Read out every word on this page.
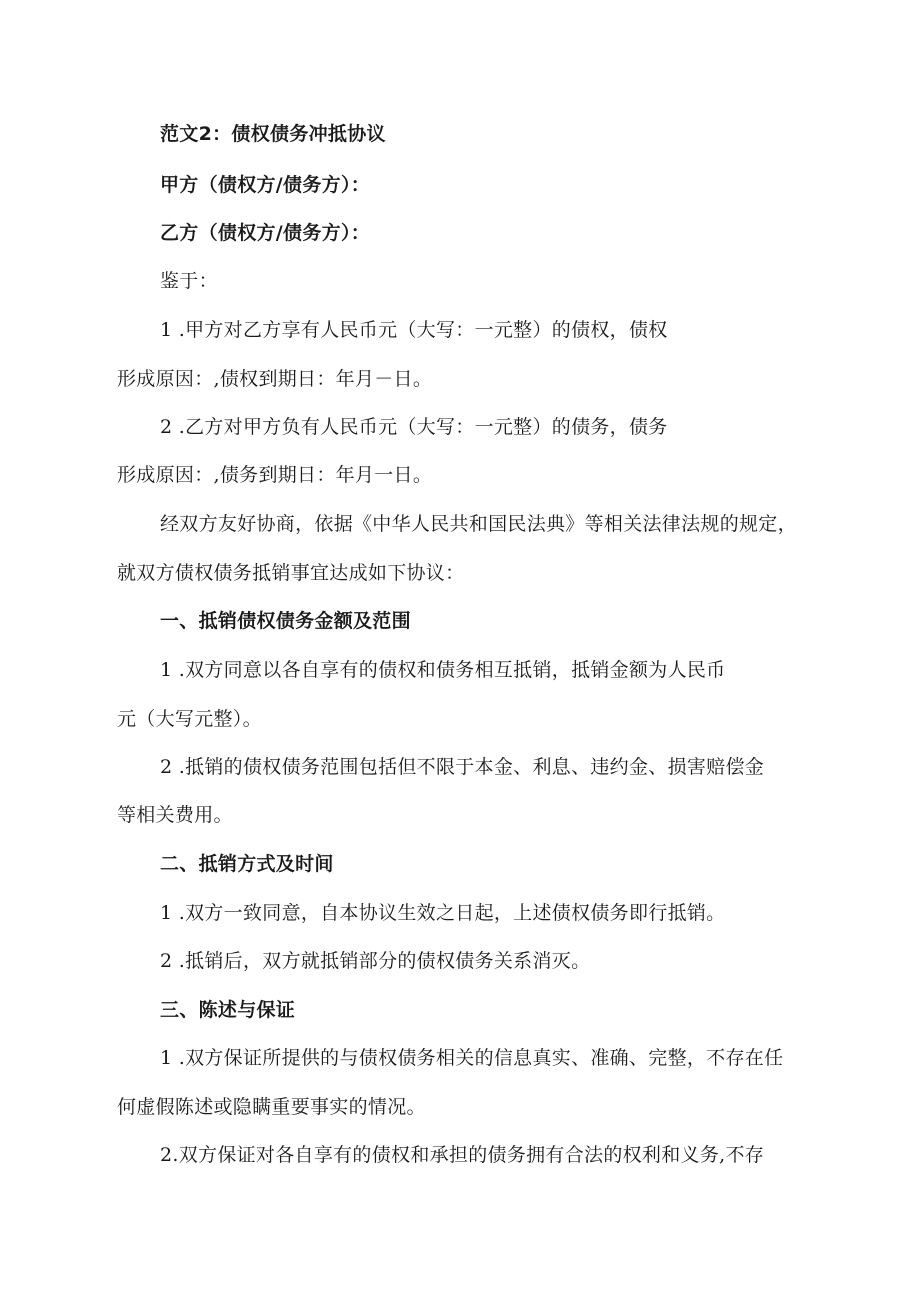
范文2：债权债务冲抵协议
甲方（债权方/债务方）：
乙方（债权方/债务方）：
鉴于：
1 .甲方对乙方享有人民币元（大写：一元整）的债权，债权
形成原因：,债权到期日：年月－日。
2 .乙方对甲方负有人民币元（大写：一元整）的债务，债务
形成原因：,债务到期日：年月一日。
经双方友好协商，依据《中华人民共和国民法典》等相关法律法规的规定，
就双方债权债务抵销事宜达成如下协议：
一、抵销债权债务金额及范围
1 .双方同意以各自享有的债权和债务相互抵销，抵销金额为人民币
元（大写元整）。
2 .抵销的债权债务范围包括但不限于本金、利息、违约金、损害赔偿金
等相关费用。
二、抵销方式及时间
1 .双方一致同意，自本协议生效之日起，上述债权债务即行抵销。
2 .抵销后，双方就抵销部分的债权债务关系消灭。
三、陈述与保证
1 .双方保证所提供的与债权债务相关的信息真实、准确、完整，不存在任
何虚假陈述或隐瞒重要事实的情况。
2.双方保证对各自享有的债权和承担的债务拥有合法的权利和义务,不存
